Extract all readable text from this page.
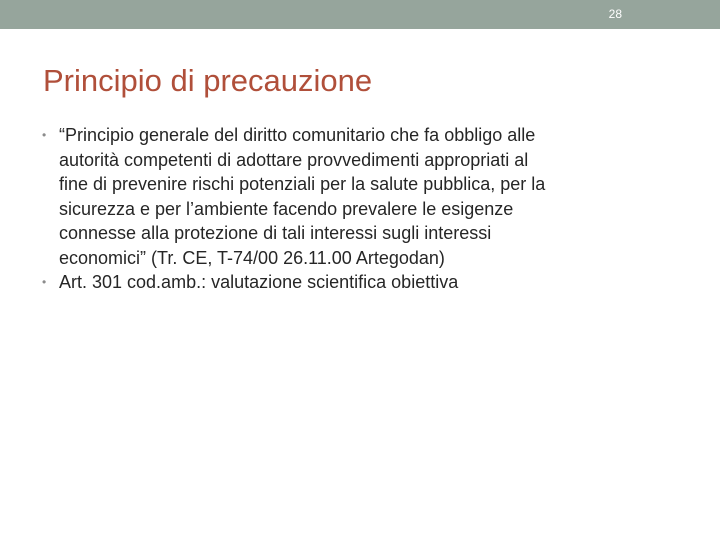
28
Principio di precauzione
• “Principio generale del diritto comunitario che fa obbligo alle
autorità competenti di adottare provvedimenti appropriati al
fine di prevenire rischi potenziali per la salute pubblica, per la
sicurezza e per l’ambiente facendo prevalere le esigenze
connesse alla protezione di tali interessi sugli interessi
economici” (Tr. CE, T-74/00 26.11.00 Artegodan)
• Art. 301 cod.amb.: valutazione scientifica obiettiva
